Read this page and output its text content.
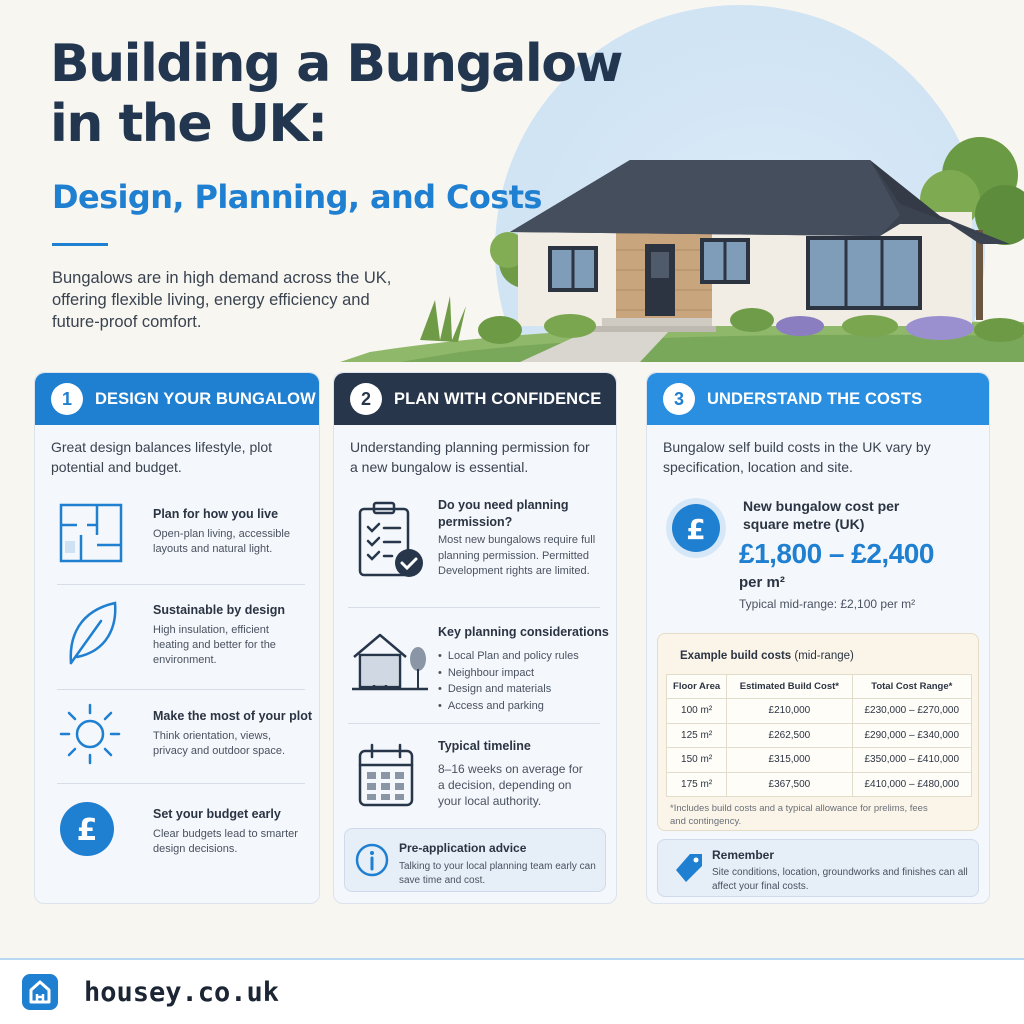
Building a Bungalow in the UK:
Design, Planning, and Costs
Bungalows are in high demand across the UK, offering flexible living, energy efficiency and future-proof comfort.
1	DESIGN YOUR BUNGALOW
Great design balances lifestyle, plot potential and budget.
Plan for how you live
Open-plan living, accessible layouts and natural light.
Sustainable by design
High insulation, efficient heating and better for the environment.
Make the most of your plot
Think orientation, views, privacy and outdoor space.
£	Set your budget early
Clear budgets lead to smarter design decisions.
2	PLAN WITH CONFIDENCE
Understanding planning permission for a new bungalow is essential.
Do you need planning permission?
Most new bungalows require full planning permission. Permitted Development rights are limited.
Key planning considerations
• Local Plan and policy rules
• Neighbour impact
• Design and materials
• Access and parking
Typical timeline
8–16 weeks on average for a decision, depending on your local authority.
Pre-application advice
Talking to your local planning team early can save time and cost.
3	UNDERSTAND THE COSTS
Bungalow self build costs in the UK vary by specification, location and site.
£
New bungalow cost per square metre (UK)
£1,800 – £2,400
per m²
Typical mid-range: £2,100 per m²
Example build costs (mid-range)
Floor Area	Estimated Build Cost*	Total Cost Range*
100 m²	£210,000	£230,000 – £270,000
125 m²	£262,500	£290,000 – £340,000
150 m²	£315,000	£350,000 – £410,000
175 m²	£367,500	£410,000 – £480,000
*Includes build costs and a typical allowance for prelims, fees and contingency.
Remember
Site conditions, location, groundworks and finishes can all affect your final costs.
housey.co.uk
